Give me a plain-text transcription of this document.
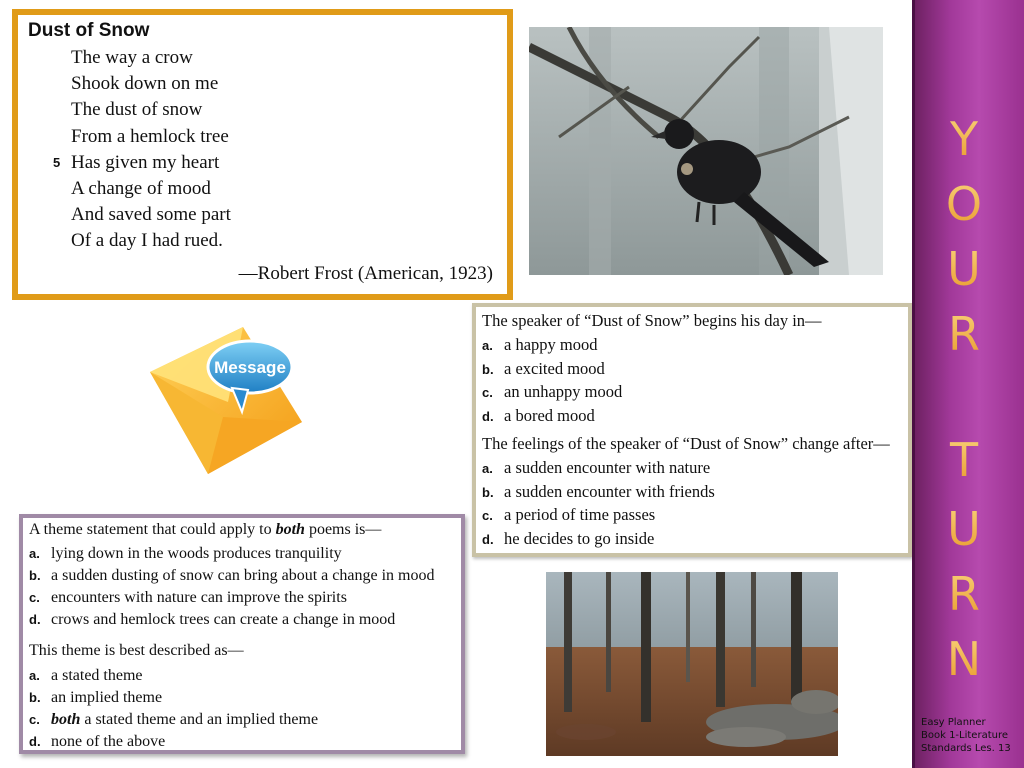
Dust of Snow
The way a crow
Shook down on me
The dust of snow
From a hemlock tree
5 Has given my heart
A change of mood
And saved some part
Of a day I had rued.
—Robert Frost (American, 1923)
Message
The speaker of “Dust of Snow” begins his day in—
a. a happy mood
b. a excited mood
c. an unhappy mood
d. a bored mood
The feelings of the speaker of “Dust of Snow” change after—
a. a sudden encounter with nature
b. a sudden encounter with friends
c. a period of time passes
d. he decides to go inside
A theme statement that could apply to both poems is—
a. lying down in the woods produces tranquility
b. a sudden dusting of snow can bring about a change in mood
c. encounters with nature can improve the spirits
d. crows and hemlock trees can create a change in mood
This theme is best described as—
a. a stated theme
b. an implied theme
c. both a stated theme and an implied theme
d. none of the above
Y
O
U
R
T
U
R
N
Easy Planner
Book 1-Literature
Standards Les. 13
